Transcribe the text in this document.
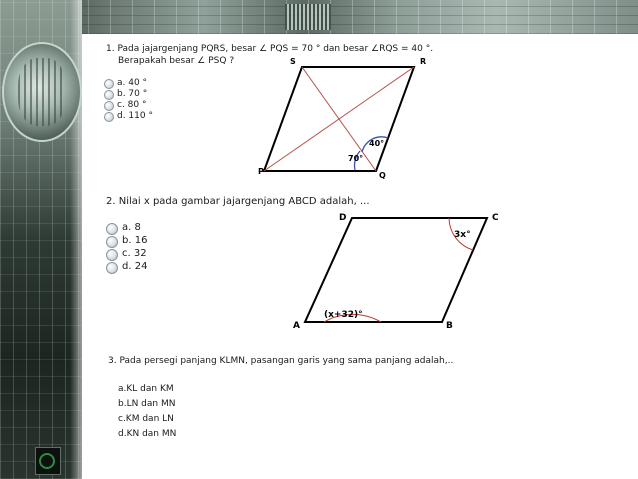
1. Pada jajargenjang PQRS, besar ∠ PQS = 70 ° dan besar ∠RQS = 40 °.
Berapakah besar ∠ PSQ ?
a. 40 °
b. 70 °
c. 80 °
d. 110 °
S	R
P	Q
40°
70°
2. Nilai x pada gambar jajargenjang ABCD adalah, ...
a. 8
b. 16
c. 32
d. 24
D	C
A	B
3x°
(x+32)°
3. Pada persegi panjang KLMN, pasangan garis yang sama panjang adalah,..
a.KL dan KM
b.LN dan MN
c.KM dan LN
d.KN dan MN
